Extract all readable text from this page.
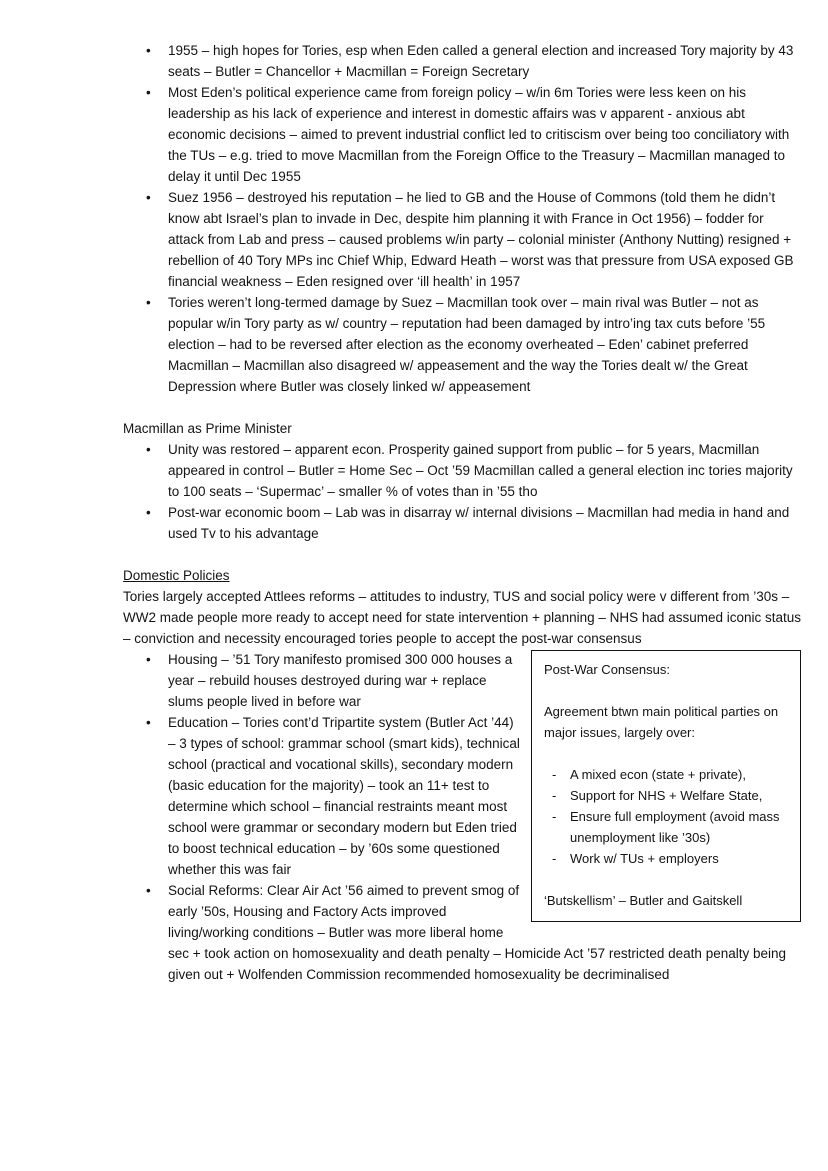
• 1955 – high hopes for Tories, esp when Eden called a general election and increased Tory majority by 43 seats – Butler = Chancellor + Macmillan = Foreign Secretary
• Most Eden’s political experience came from foreign policy – w/in 6m Tories were less keen on his leadership as his lack of experience and interest in domestic affairs was v apparent - anxious abt economic decisions – aimed to prevent industrial conflict led to critiscism over being too conciliatory with the TUs – e.g. tried to move Macmillan from the Foreign Office to the Treasury – Macmillan managed to delay it until Dec 1955
• Suez 1956 – destroyed his reputation – he lied to GB and the House of Commons (told them he didn’t know abt Israel’s plan to invade in Dec, despite him planning it with France in Oct 1956) – fodder for attack from Lab and press – caused problems w/in party – colonial minister (Anthony Nutting) resigned + rebellion of 40 Tory MPs inc Chief Whip, Edward Heath – worst was that pressure from USA exposed GB financial weakness – Eden resigned over ‘ill health’ in 1957
• Tories weren’t long-termed damage by Suez – Macmillan took over – main rival was Butler – not as popular w/in Tory party as w/ country – reputation had been damaged by intro’ing tax cuts before ’55 election – had to be reversed after election as the economy overheated – Eden’ cabinet preferred Macmillan – Macmillan also disagreed w/ appeasement and the way the Tories dealt w/ the Great Depression where Butler was closely linked w/ appeasement

Macmillan as Prime Minister

• Unity was restored – apparent econ. Prosperity gained support from public – for 5 years, Macmillan appeared in control – Butler = Home Sec – Oct ’59 Macmillan called a general election inc tories majority to 100 seats – ‘Supermac’ – smaller % of votes than in ’55 tho
• Post-war economic boom – Lab was in disarray w/ internal divisions – Macmillan had media in hand and used Tv to his advantage

Domestic Policies

Tories largely accepted Attlees reforms – attitudes to industry, TUS and social policy were v different from ’30s – WW2 made people more ready to accept need for state intervention + planning – NHS had assumed iconic status – conviction and necessity encouraged tories people to accept the post-war consensus

Post-War Consensus:

Agreement btwn main political parties on major issues, largely over:

- A mixed econ (state + private),
- Support for NHS + Welfare State,
- Ensure full employment (avoid mass unemployment like ’30s)
- Work w/ TUs + employers

‘Butskellism’ – Butler and Gaitskell

• Housing – ’51 Tory manifesto promised 300 000 houses a year – rebuild houses destroyed during war + replace slums people lived in before war
• Education – Tories cont’d Tripartite system (Butler Act ’44) – 3 types of school: grammar school (smart kids), technical school (practical and vocational skills), secondary modern (basic education for the majority) – took an 11+ test to determine which school – financial restraints meant most school were grammar or secondary modern but Eden tried to boost technical education – by ’60s some questioned whether this was fair
• Social Reforms: Clear Air Act ’56 aimed to prevent smog of early ’50s, Housing and Factory Acts improved living/working conditions – Butler was more liberal home sec + took action on homosexuality and death penalty – Homicide Act ’57 restricted death penalty being given out + Wolfenden Commission recommended homosexuality be decriminalised
